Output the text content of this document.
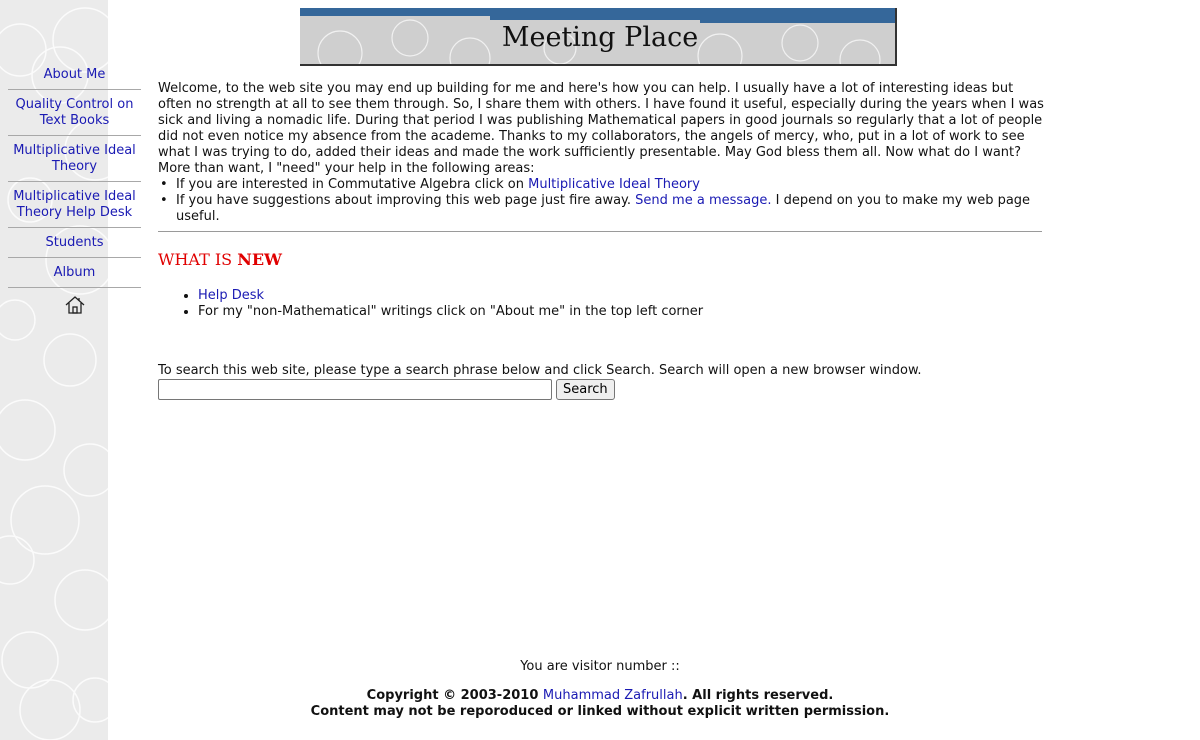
About Me
Quality Control on Text Books
Multiplicative Ideal Theory
Multiplicative Ideal Theory Help Desk
Students
Album
Meeting Place

Welcome, to the web site you may end up building for me and here's how you can help. I usually have a lot of interesting ideas but often no strength at all to see them through. So, I share them with others. I have found it useful, especially during the years when I was sick and living a nomadic life. During that period I was publishing Mathematical papers in good journals so regularly that a lot of people did not even notice my absence from the academe. Thanks to my collaborators, the angels of mercy, who, put in a lot of work to see what I was trying to do, added their ideas and made the work sufficiently presentable. May God bless them all. Now what do I want? More than want, I "need" your help in the following areas:

• If you are interested in Commutative Algebra click on Multiplicative Ideal Theory
• If you have suggestions about improving this web page just fire away. Send me a message. I depend on you to make my web page useful.
WHAT IS NEW
• Help Desk
• For my "non-Mathematical" writings click on "About me" in the top left corner
To search this web site, please type a search phrase below and click Search. Search will open a new browser window.
Search
You are visitor number ::
Copyright © 2003-2010 Muhammad Zafrullah. All rights reserved.
Content may not be reporoduced or linked without explicit written permission.
